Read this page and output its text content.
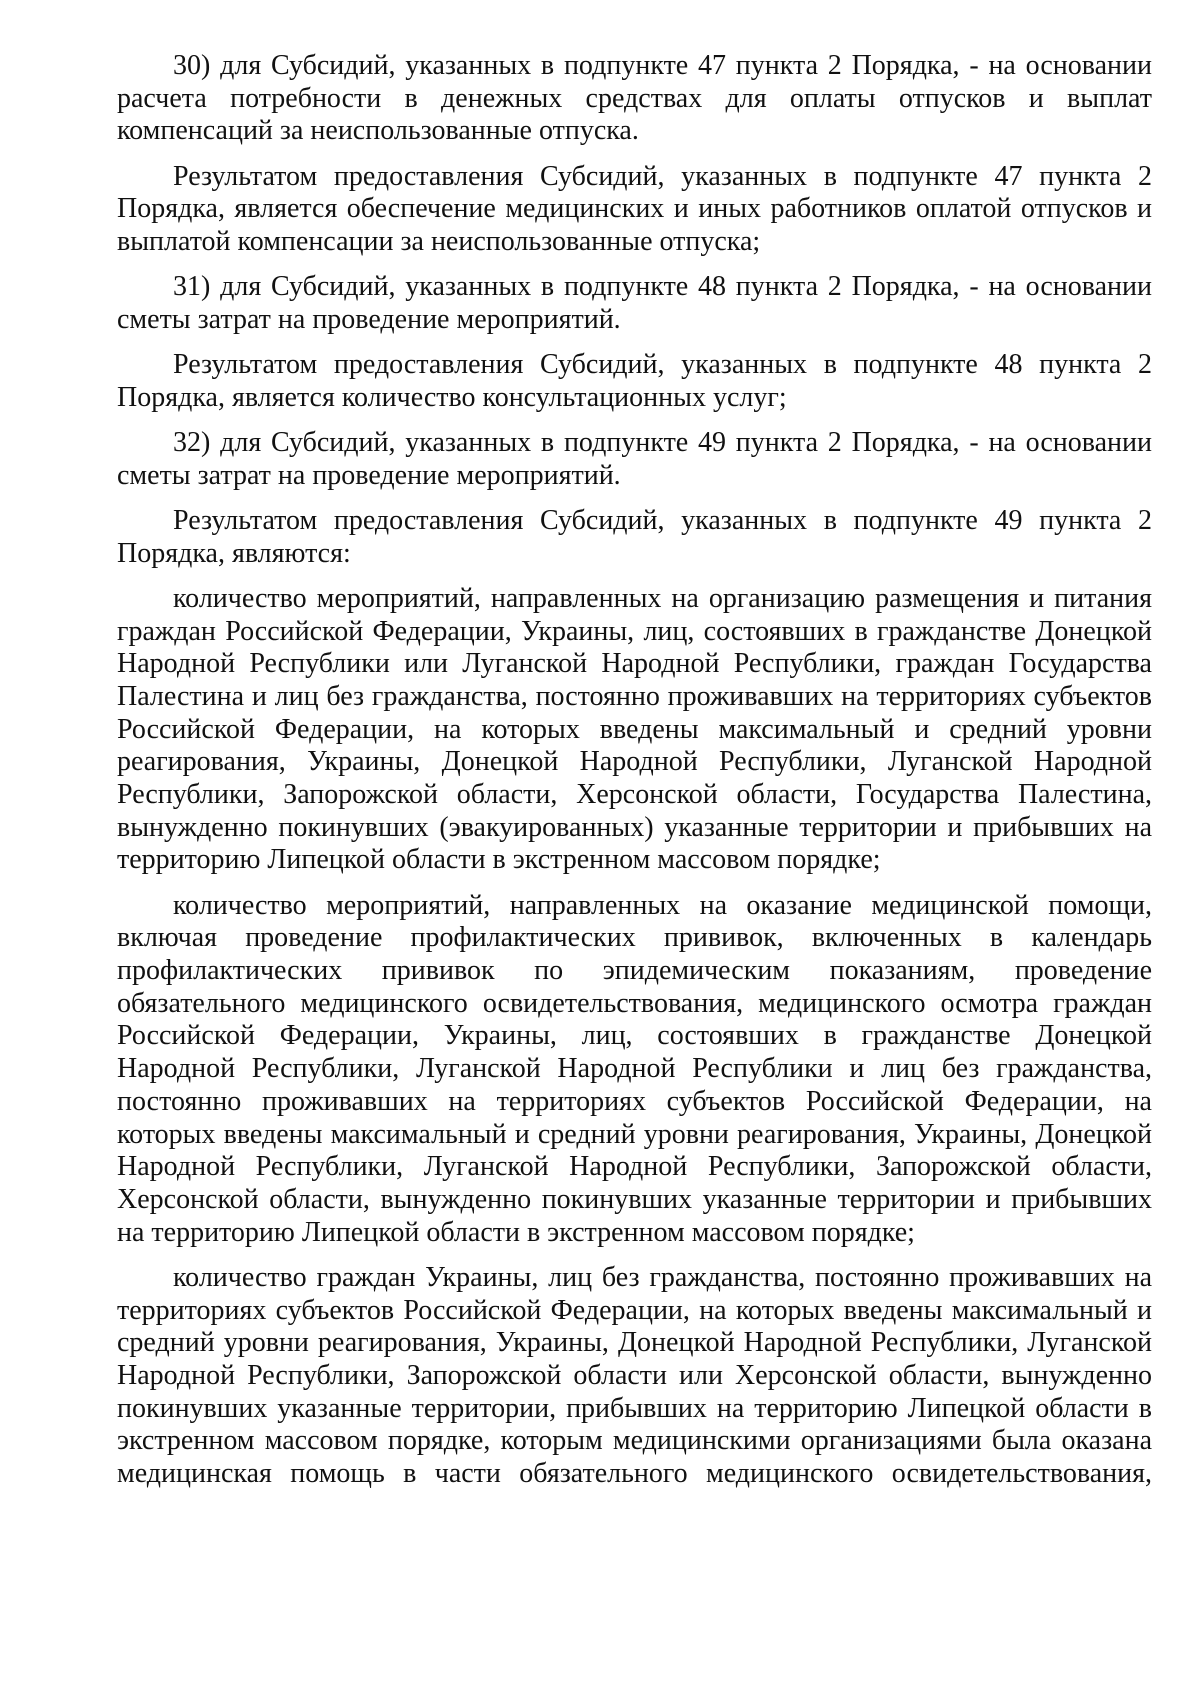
30) для Субсидий, указанных в подпункте 47 пункта 2 Порядка, - на основании расчета потребности в денежных средствах для оплаты отпусков и выплат компенсаций за неиспользованные отпуска.

Результатом предоставления Субсидий, указанных в подпункте 47 пункта 2 Порядка, является обеспечение медицинских и иных работников оплатой отпусков и выплатой компенсации за неиспользованные отпуска;

31) для Субсидий, указанных в подпункте 48 пункта 2 Порядка, - на основании сметы затрат на проведение мероприятий.

Результатом предоставления Субсидий, указанных в подпункте 48 пункта 2 Порядка, является количество консультационных услуг;

32) для Субсидий, указанных в подпункте 49 пункта 2 Порядка, - на основании сметы затрат на проведение мероприятий.

Результатом предоставления Субсидий, указанных в подпункте 49 пункта 2 Порядка, являются:

количество мероприятий, направленных на организацию размещения и питания граждан Российской Федерации, Украины, лиц, состоявших в гражданстве Донецкой Народной Республики или Луганской Народной Республики, граждан Государства Палестина и лиц без гражданства, постоянно проживавших на территориях субъектов Российской Федерации, на которых введены максимальный и средний уровни реагирования, Украины, Донецкой Народной Республики, Луганской Народной Республики, Запорожской области, Херсонской области, Государства Палестина, вынужденно покинувших (эвакуированных) указанные территории и прибывших на территорию Липецкой области в экстренном массовом порядке;

количество мероприятий, направленных на оказание медицинской помощи, включая проведение профилактических прививок, включенных в календарь профилактических прививок по эпидемическим показаниям, проведение обязательного медицинского освидетельствования, медицинского осмотра граждан Российской Федерации, Украины, лиц, состоявших в гражданстве Донецкой Народной Республики, Луганской Народной Республики и лиц без гражданства, постоянно проживавших на территориях субъектов Российской Федерации, на которых введены максимальный и средний уровни реагирования, Украины, Донецкой Народной Республики, Луганской Народной Республики, Запорожской области, Херсонской области, вынужденно покинувших указанные территории и прибывших на территорию Липецкой области в экстренном массовом порядке;

количество граждан Украины, лиц без гражданства, постоянно проживавших на территориях субъектов Российской Федерации, на которых введены максимальный и средний уровни реагирования, Украины, Донецкой Народной Республики, Луганской Народной Республики, Запорожской области или Херсонской области, вынужденно покинувших указанные территории, прибывших на территорию Липецкой области в экстренном массовом порядке, которым медицинскими организациями была оказана медицинская помощь в части обязательного медицинского освидетельствования,
